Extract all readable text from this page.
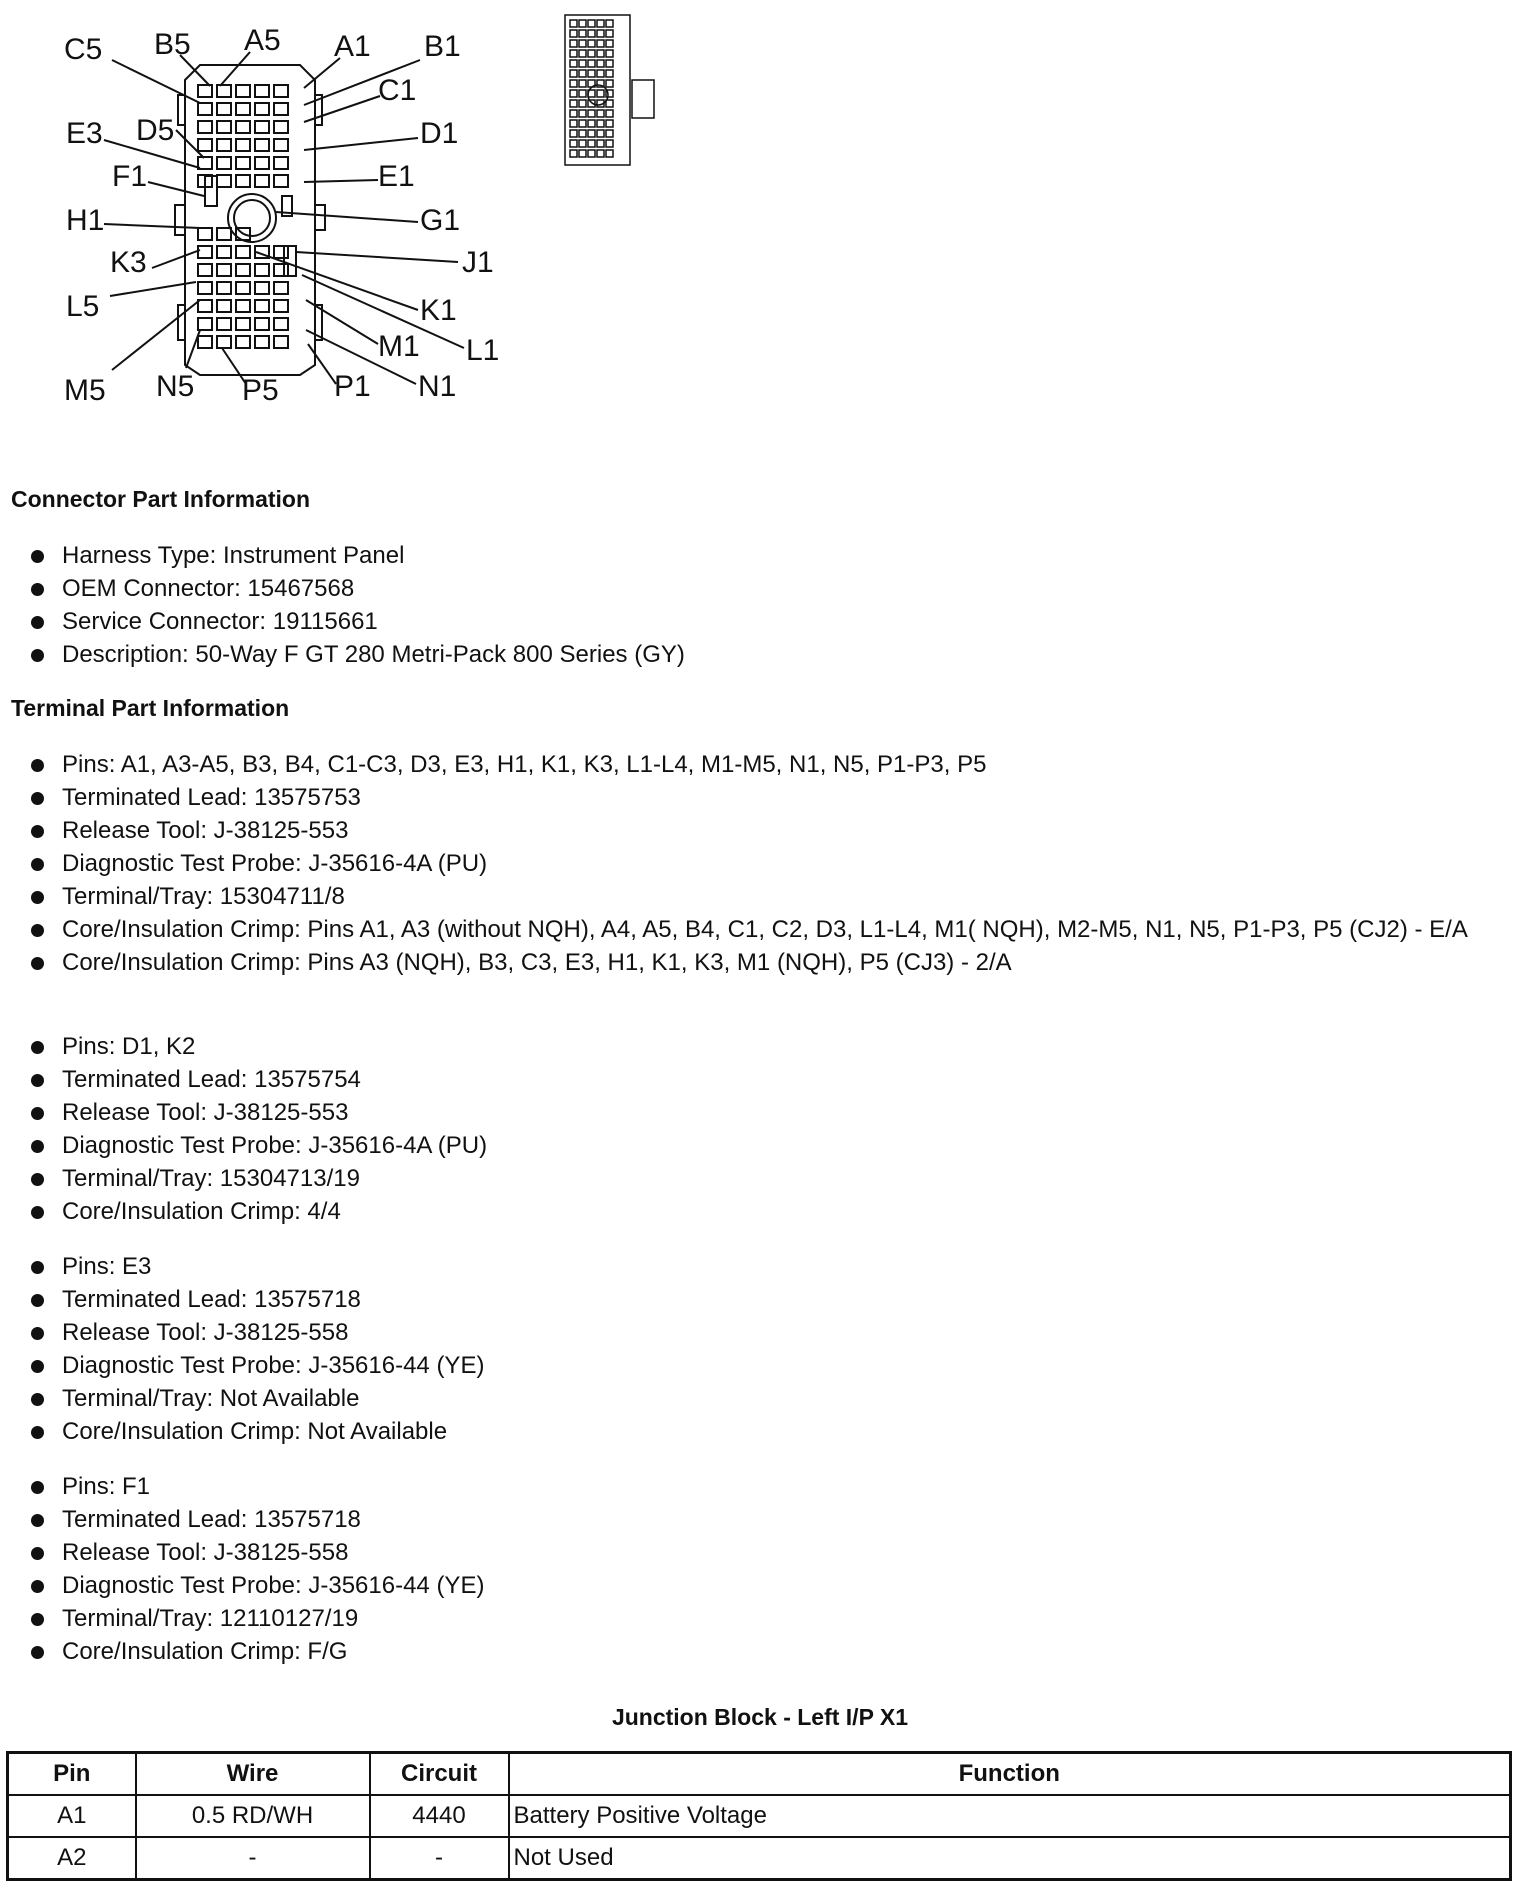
C5 B5 A5 A1 B1
C1
D1
E1
G1
J1
K1
L1
M1
N1
P1
P5
N5
M5
L5
K3
H1
F1
E3 D5
Connector Part Information
Harness Type: Instrument Panel
OEM Connector: 15467568
Service Connector: 19115661
Description: 50-Way F GT 280 Metri-Pack 800 Series (GY)
Terminal Part Information
Pins: A1, A3-A5, B3, B4, C1-C3, D3, E3, H1, K1, K3, L1-L4, M1-M5, N1, N5, P1-P3, P5
Terminated Lead: 13575753
Release Tool: J-38125-553
Diagnostic Test Probe: J-35616-4A (PU)
Terminal/Tray: 15304711/8
Core/Insulation Crimp: Pins A1, A3 (without NQH), A4, A5, B4, C1, C2, D3, L1-L4, M1( NQH), M2-M5, N1, N5, P1-P3, P5 (CJ2) - E/A
Core/Insulation Crimp: Pins A3 (NQH), B3, C3, E3, H1, K1, K3, M1 (NQH), P5 (CJ3) - 2/A
Pins: D1, K2
Terminated Lead: 13575754
Release Tool: J-38125-553
Diagnostic Test Probe: J-35616-4A (PU)
Terminal/Tray: 15304713/19
Core/Insulation Crimp: 4/4
Pins: E3
Terminated Lead: 13575718
Release Tool: J-38125-558
Diagnostic Test Probe: J-35616-44 (YE)
Terminal/Tray: Not Available
Core/Insulation Crimp: Not Available
Pins: F1
Terminated Lead: 13575718
Release Tool: J-38125-558
Diagnostic Test Probe: J-35616-44 (YE)
Terminal/Tray: 12110127/19
Core/Insulation Crimp: F/G
Junction Block - Left I/P X1
Pin	Wire	Circuit	Function
A1	0.5 RD/WH	4440	Battery Positive Voltage
A2	-	-	Not Used
